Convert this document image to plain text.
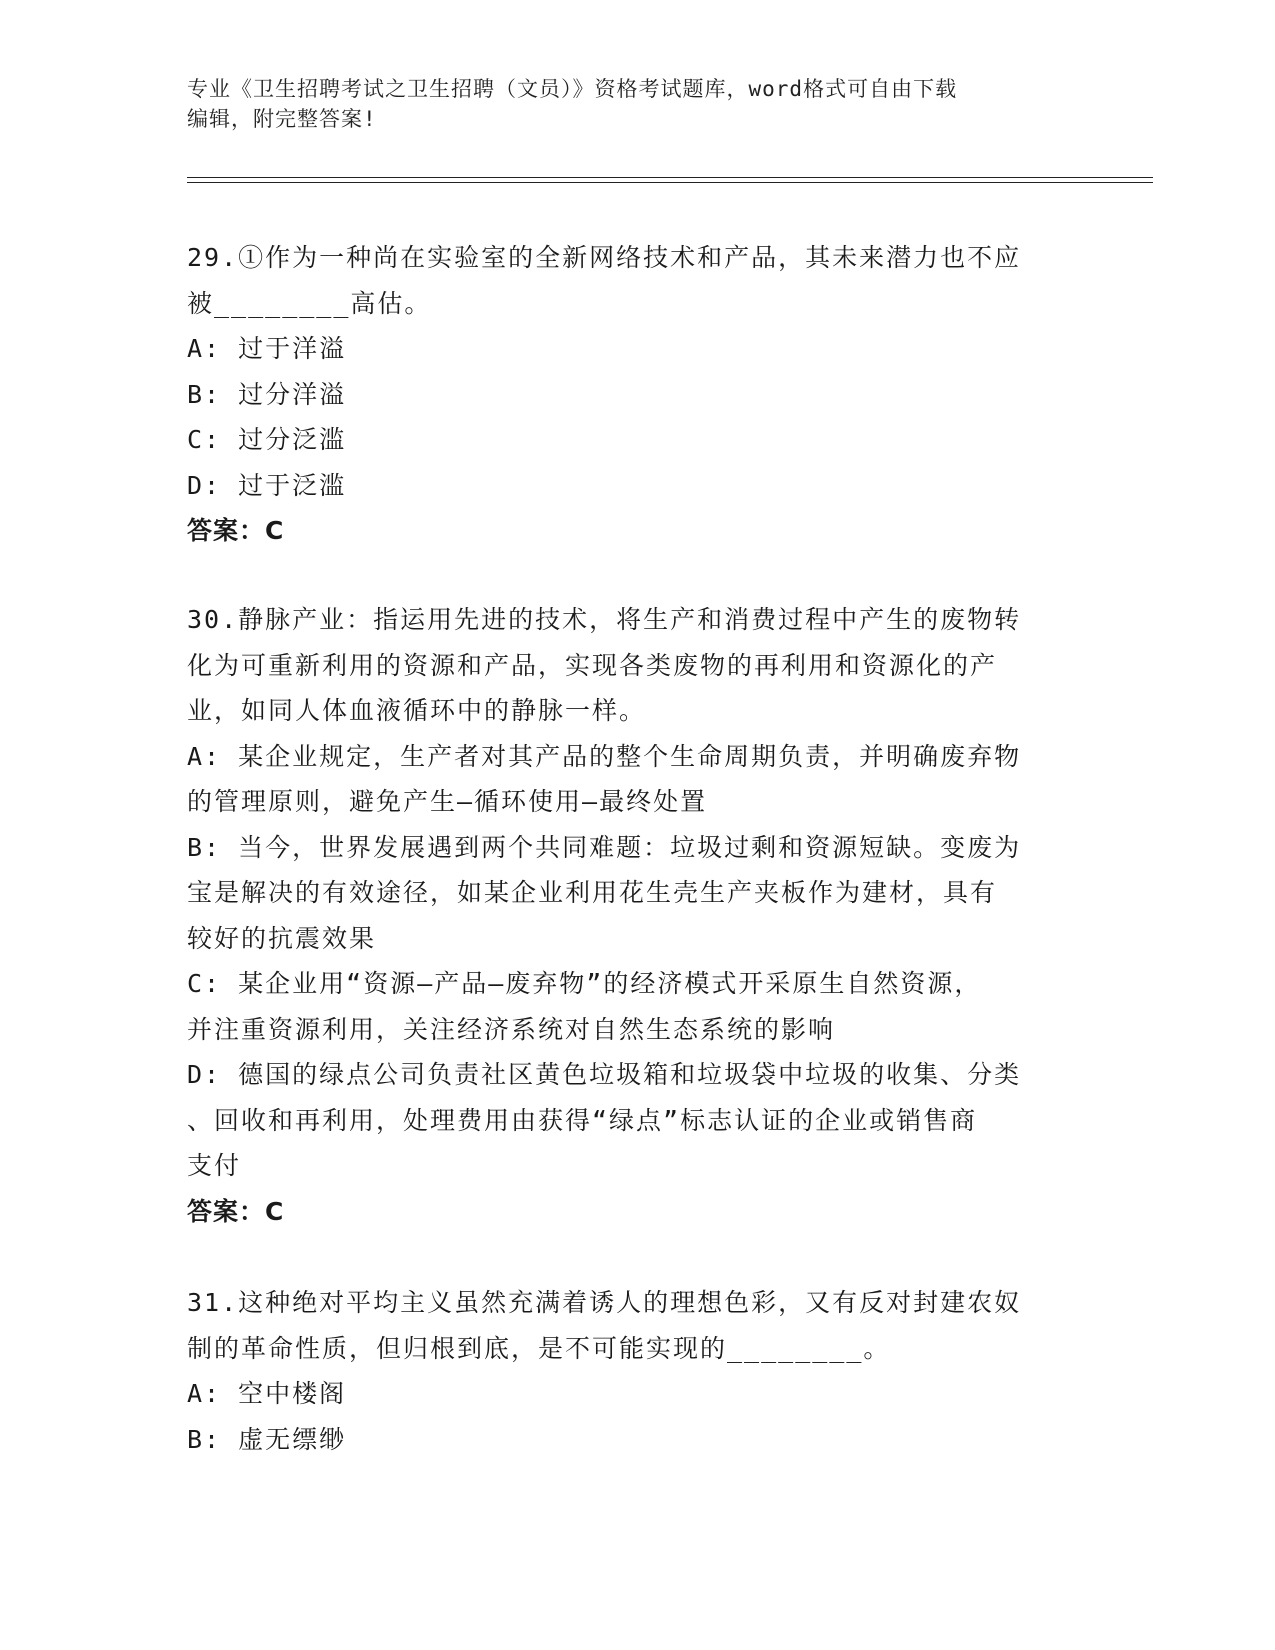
专业《卫生招聘考试之卫生招聘（文员）》资格考试题库，word格式可自由下载
编辑，附完整答案!
29.①作为一种尚在实验室的全新网络技术和产品，其未来潜力也不应
被________高估。
A: 过于洋溢
B: 过分洋溢
C: 过分泛滥
D: 过于泛滥
答案：C
30.静脉产业：指运用先进的技术，将生产和消费过程中产生的废物转
化为可重新利用的资源和产品，实现各类废物的再利用和资源化的产
业，如同人体血液循环中的静脉一样。
A: 某企业规定，生产者对其产品的整个生命周期负责，并明确废弃物
的管理原则，避免产生—循环使用—最终处置
B: 当今，世界发展遇到两个共同难题：垃圾过剩和资源短缺。变废为
宝是解决的有效途径，如某企业利用花生壳生产夹板作为建材，具有
较好的抗震效果
C: 某企业用“资源—产品—废弃物”的经济模式开采原生自然资源，
并注重资源利用，关注经济系统对自然生态系统的影响
D: 德国的绿点公司负责社区黄色垃圾箱和垃圾袋中垃圾的收集、分类
、回收和再利用，处理费用由获得“绿点”标志认证的企业或销售商
支付
答案：C
31.这种绝对平均主义虽然充满着诱人的理想色彩，又有反对封建农奴
制的革命性质，但归根到底，是不可能实现的________。
A: 空中楼阁
B: 虚无缥缈
